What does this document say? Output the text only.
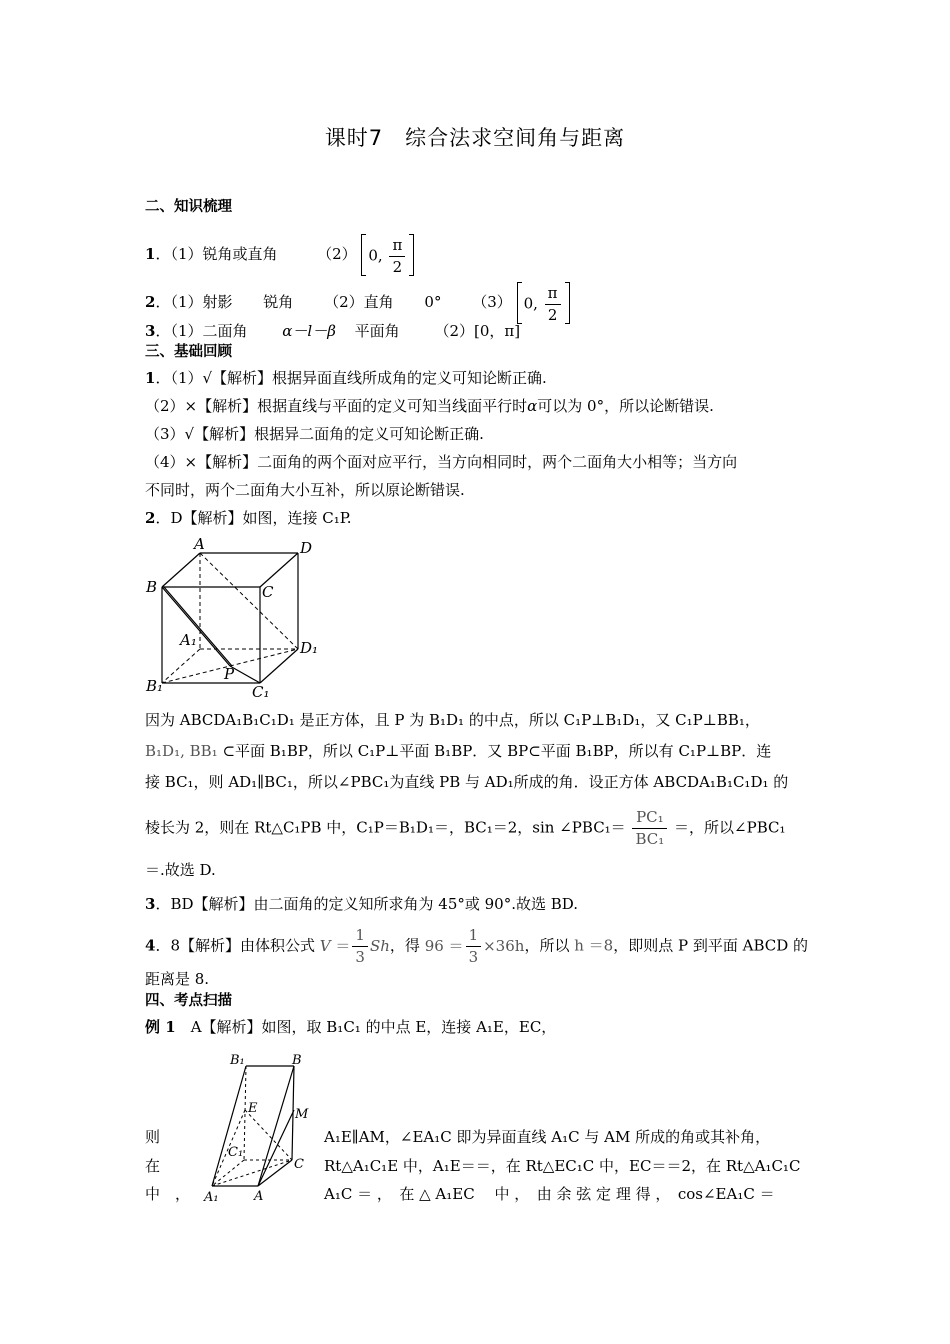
课时7　综合法求空间角与距离
二、知识梳理
1．（1）锐角或直角	（2） 0, $\frac{\pi}{2}$
2．（1）射影 锐角 （2）直角 0° （3） 0, $\frac{\pi}{2}$
3．（1）二面角 α－l－β 平面角 （2）[0，π]
三、基础回顾
1．（1）√【解析】根据异面直线所成角的定义可知论断正确.
（2）×【解析】根据直线与平面的定义可知当线面平行时α可以为 0°，所以论断错误.
（3）√【解析】根据异二面角的定义可知论断正确.
（4）×【解析】二面角的两个面对应平行，当方向相同时，两个二面角大小相等；当方向
不同时，两个二面角大小互补，所以原论断错误.
2．D【解析】如图，连接 C₁P.
A	D
B	C
A₁	D₁
B₁
P
C₁
因为 ABCDA₁B₁C₁D₁ 是正方体，且 P 为 B₁D₁ 的中点，所以 C₁P⊥B₁D₁，又 C₁P⊥BB₁，
B₁D₁, BB₁ ⊂平面 B₁BP，所以 C₁P⊥平面 B₁BP．又 BP⊂平面 B₁BP，所以有 C₁P⊥BP．连
接 BC₁，则 AD₁∥BC₁，所以∠PBC₁为直线 PB 与 AD₁所成的角．设正方体 ABCDA₁B₁C₁D₁ 的
棱长为 2，则在 Rt△C₁PB 中，C₁P＝B₁D₁＝，BC₁＝2，sin ∠PBC₁＝ $\frac{\text{PC₁}}{\text{BC₁}}$ ＝，所以∠PBC₁
＝.故选 D.
3．BD【解析】由二面角的定义知所求角为 45°或 90°.故选 BD.
4．8【解析】由体积公式 $V = \frac{1}{3}$ Sh，得 $96 = \frac{1}{3} \times 36h$，所以 h ＝8，即则点 P 到平面 ABCD 的
距离是 8.
四、考点扫描
例 1　 A【解析】如图，取 B₁C₁ 的中点 E，连接 A₁E，EC，
B₁	B
E	M
C₁
C
A₁	A
则
在
中　，
A₁E∥AM，∠EA₁C 即为异面直线 A₁C 与 AM 所成的角或其补角，
Rt△A₁C₁E 中，A₁E＝＝，在 Rt△EC₁C 中，EC＝＝2，在 Rt△A₁C₁C
A₁C ＝ ，　在 △ A₁EC 　中 ，　由 余 弦 定 理 得 ，　cos∠EA₁C ＝
